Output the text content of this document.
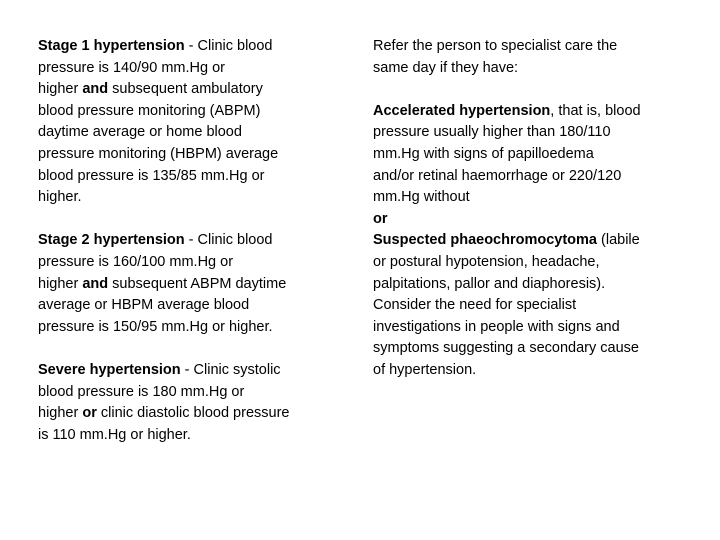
Stage 1 hypertension - Clinic blood
pressure is 140/90 mm.Hg or
higher and subsequent ambulatory
blood pressure monitoring (ABPM)
daytime average or home blood
pressure monitoring (HBPM) average
blood pressure is 135/85 mm.Hg or
higher.

Stage 2 hypertension - Clinic blood
pressure is 160/100 mm.Hg or
higher and subsequent ABPM daytime
average or HBPM average blood
pressure is 150/95 mm.Hg or higher.

Severe hypertension - Clinic systolic
blood pressure is 180 mm.Hg or
higher or clinic diastolic blood pressure
is 110 mm.Hg or higher.

Refer the person to specialist care the
same day if they have:

Accelerated hypertension, that is, blood
pressure usually higher than 180/110
mm.Hg with signs of papilloedema
and/or retinal haemorrhage or 220/120
mm.Hg without
or
Suspected phaeochromocytoma (labile
or postural hypotension, headache,
palpitations, pallor and diaphoresis).
Consider the need for specialist
investigations in people with signs and
symptoms suggesting a secondary cause
of hypertension.
